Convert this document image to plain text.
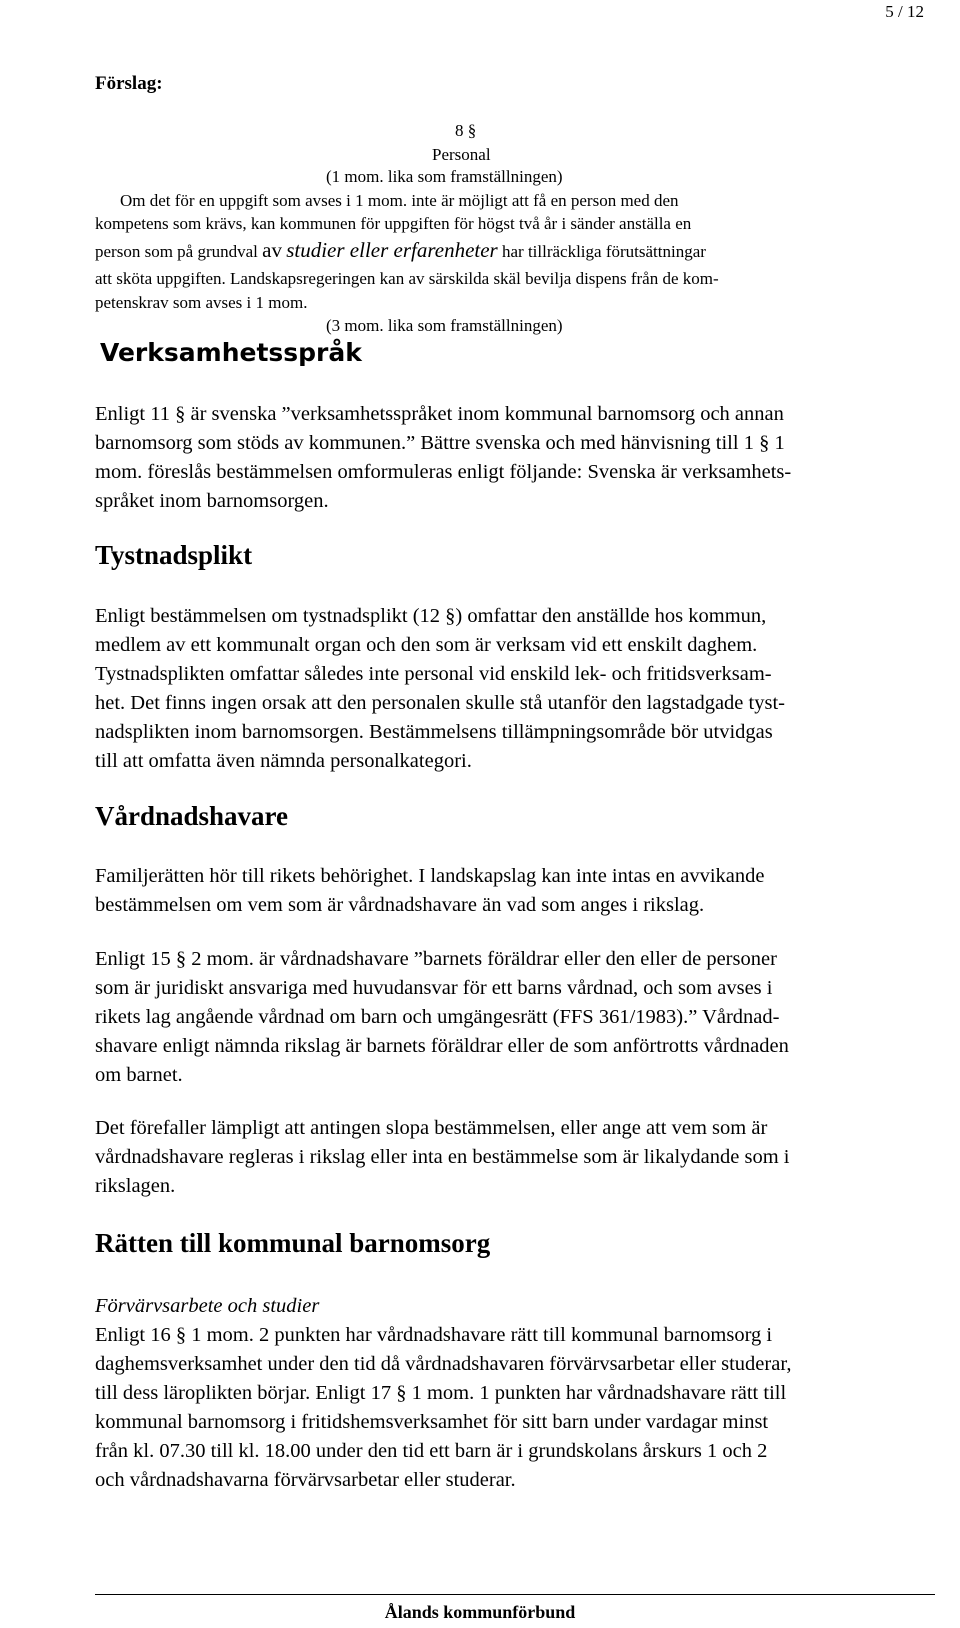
5 / 12
Förslag:
8 §
Personal
(1 mom. lika som framställningen)
Om det för en uppgift som avses i 1 mom. inte är möjligt att få en person med den
kompetens som krävs, kan kommunen för uppgiften för högst två år i sänder anställa en
person som på grundval av studier eller erfarenheter har tillräckliga förutsättningar
att sköta uppgiften. Landskapsregeringen kan av särskilda skäl bevilja dispens från de kom-
petenskrav som avses i 1 mom.
(3 mom. lika som framställningen)
Verksamhetsspråk

Enligt 11 § är svenska ”verksamhetsspråket inom kommunal barnomsorg och annan

barnomsorg som stöds av kommunen.” Bättre svenska och med hänvisning till 1 § 1

mom. föreslås bestämmelsen omformuleras enligt följande: Svenska är verksamhets-

språket inom barnomsorgen.

Tystnadsplikt

Enligt bestämmelsen om tystnadsplikt (12 §) omfattar den anställde hos kommun,

medlem av ett kommunalt organ och den som är verksam vid ett enskilt daghem.

Tystnadsplikten omfattar således inte personal vid enskild lek- och fritidsverksam-

het. Det finns ingen orsak att den personalen skulle stå utanför den lagstadgade tyst-

nadsplikten inom barnomsorgen. Bestämmelsens tillämpningsområde bör utvidgas

till att omfatta även nämnda personalkategori.

Vårdnadshavare

Familjerätten hör till rikets behörighet. I landskapslag kan inte intas en avvikande

bestämmelsen om vem som är vårdnadshavare än vad som anges i rikslag.

Enligt 15 § 2 mom. är vårdnadshavare ”barnets föräldrar eller den eller de personer

som är juridiskt ansvariga med huvudansvar för ett barns vårdnad, och som avses i

rikets lag angående vårdnad om barn och umgängesrätt (FFS 361/1983).” Vårdnad-

shavare enligt nämnda rikslag är barnets föräldrar eller de som anförtrotts vårdnaden

om barnet.

Det förefaller lämpligt att antingen slopa bestämmelsen, eller ange att vem som är

vårdnadshavare regleras i rikslag eller inta en bestämmelse som är likalydande som i

rikslagen.

Rätten till kommunal barnomsorg

Förvärvsarbete och studier

Enligt 16 § 1 mom. 2 punkten har vårdnadshavare rätt till kommunal barnomsorg i

daghemsverksamhet under den tid då vårdnadshavaren förvärvsarbetar eller studerar,

till dess läroplikten börjar. Enligt 17 § 1 mom. 1 punkten har vårdnadshavare rätt till

kommunal barnomsorg i fritidshemsverksamhet för sitt barn under vardagar minst

från kl. 07.30 till kl. 18.00 under den tid ett barn är i grundskolans årskurs 1 och 2

och vårdnadshavarna förvärvsarbetar eller studerar.

Ålands kommunförbund
